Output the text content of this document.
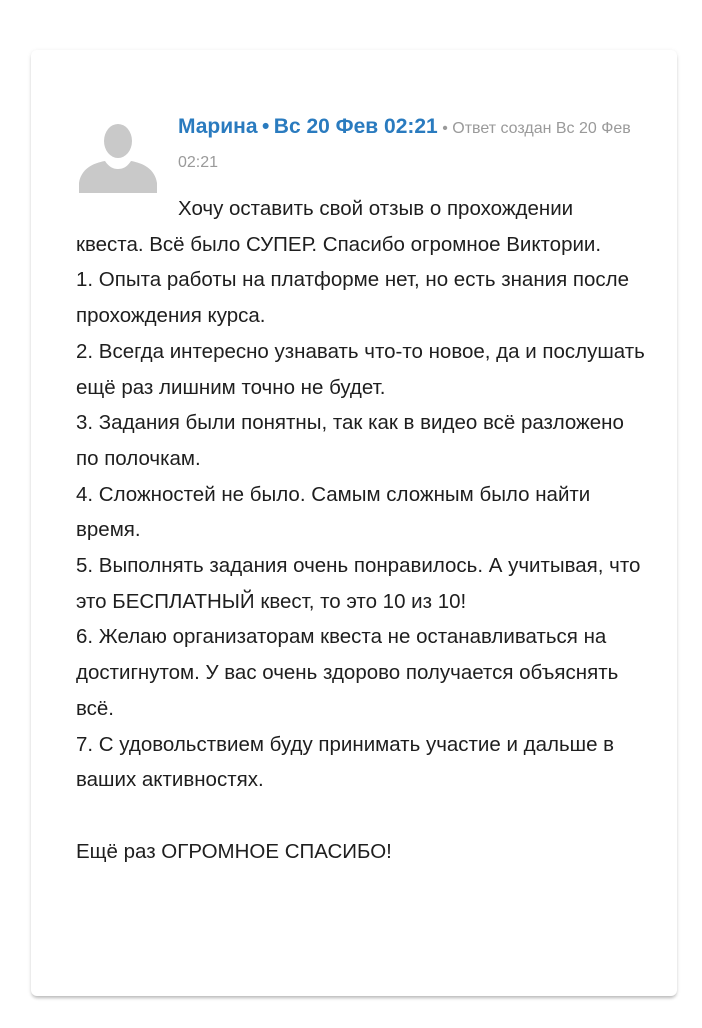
Марина • Вс 20 Фев 02:21 • Ответ создан Вс 20 Фев 02:21
Хочу оставить свой отзыв о прохождении квеста. Всё было СУПЕР. Спасибо огромное Виктории.
1. Опыта работы на платформе нет, но есть знания после прохождения курса.
2. Всегда интересно узнавать что-то новое, да и послушать ещё раз лишним точно не будет.
3. Задания были понятны, так как в видео всё разложено по полочкам.
4. Сложностей не было. Самым сложным было найти время.
5. Выполнять задания очень понравилось. А учитывая, что это БЕСПЛАТНЫЙ квест, то это 10 из 10!
6. Желаю организаторам квеста не останавливаться на достигнутом. У вас очень здорово получается объяснять всё.
7. С удовольствием буду принимать участие и дальше в ваших активностях.

Ещё раз ОГРОМНОЕ СПАСИБО!
